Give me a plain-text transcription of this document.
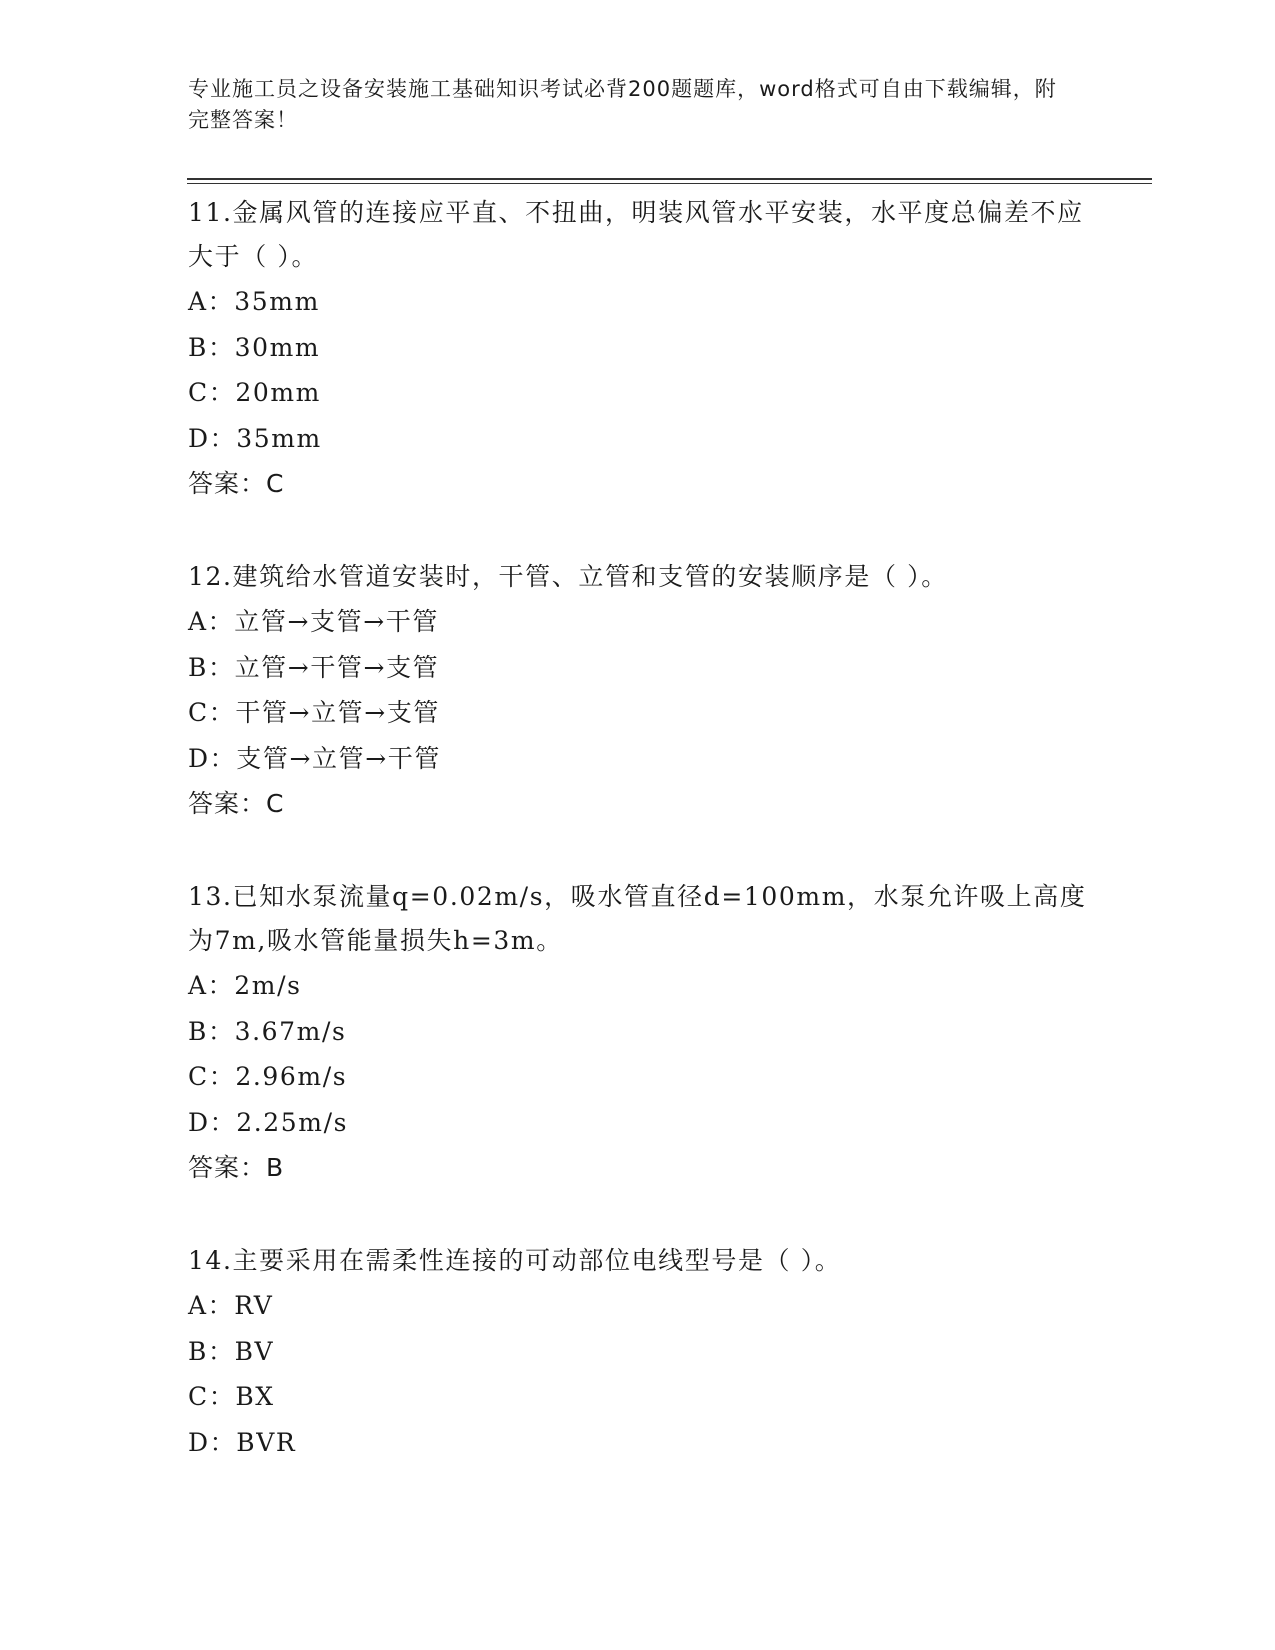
专业施工员之设备安装施工基础知识考试必背200题题库，word格式可自由下载编辑，附完整答案！
11.金属风管的连接应平直、不扭曲，明装风管水平安装，水平度总偏差不应大于（ ）。
A：35mm
B：30mm
C：20mm
D：35mm
答案：C
12.建筑给水管道安装时，干管、立管和支管的安装顺序是（ ）。
A：立管→支管→干管
B：立管→干管→支管
C：干管→立管→支管
D：支管→立管→干管
答案：C
13.已知水泵流量q=0.02m/s，吸水管直径d=100mm，水泵允许吸上高度为7m,吸水管能量损失h=3m。
A：2m/s
B：3.67m/s
C：2.96m/s
D：2.25m/s
答案：B
14.主要采用在需柔性连接的可动部位电线型号是（ ）。
A：RV
B：BV
C：BX
D：BVR
